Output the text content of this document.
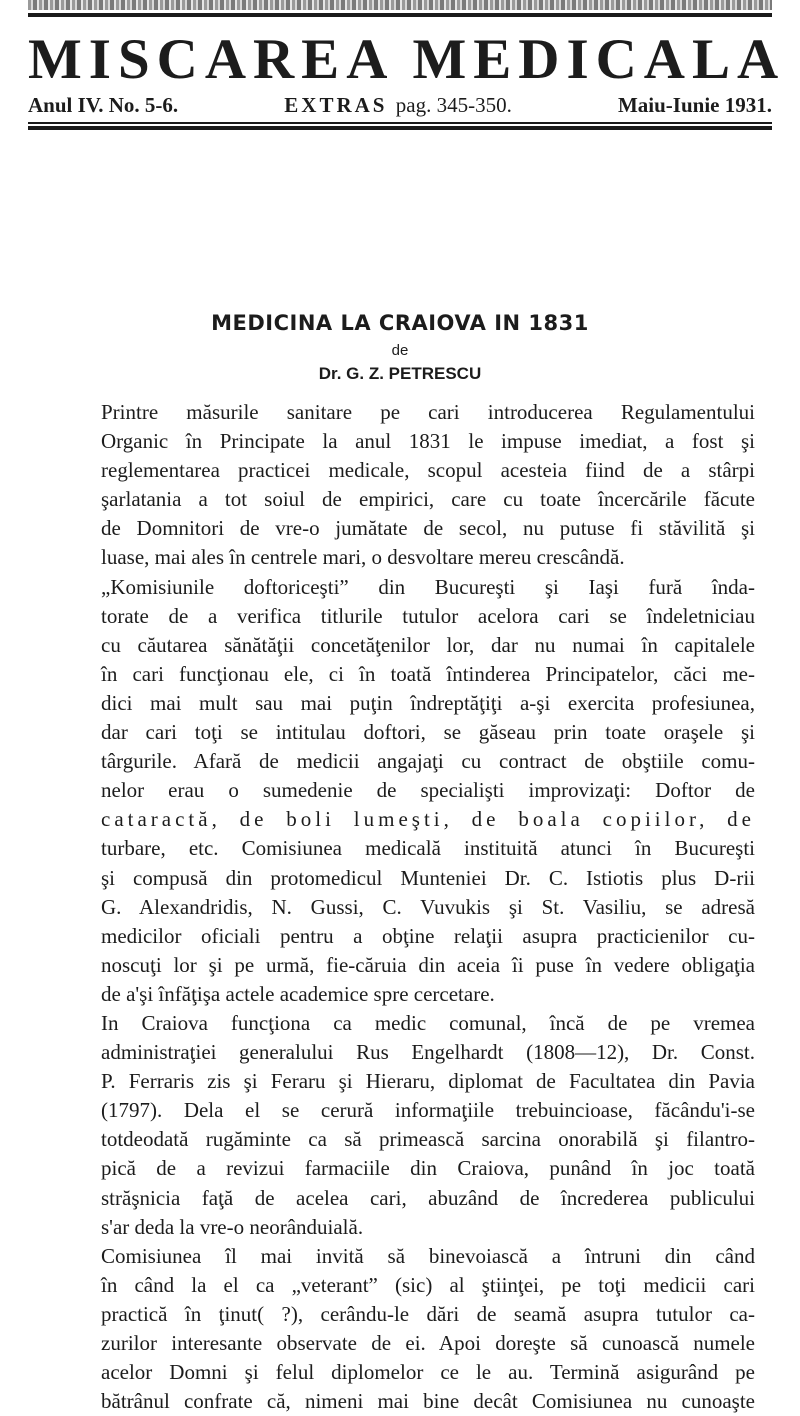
MISCAREA MEDICALA
Anul IV. No. 5-6.	EXTRAS pag. 345-350.	Maiu-Iunie 1931.
MEDICINA LA CRAIOVA IN 1831
de
Dr. G. Z. PETRESCU

Printre măsurile sanitare pe cari introducerea Regulamentului
Organic în Principate la anul 1831 le impuse imediat, a fost şi
reglementarea practicei medicale, scopul acesteia fiind de a stârpi
şarlatania a tot soiul de empirici, care cu toate încercările făcute
de Domnitori de vre-o jumătate de secol, nu putuse fi stăvilită şi
luase, mai ales în centrele mari, o desvoltare mereu crescândă.

„Komisiunile doftoriceşti” din Bucureşti şi Iaşi fură înda-
torate de a verifica titlurile tutulor acelora cari se îndeletniciau
cu căutarea sănătăţii concetăţenilor lor, dar nu numai în capitalele
în cari funcţionau ele, ci în toată întinderea Principatelor, căci me-
dici mai mult sau mai puţin îndreptăţiţi a-şi exercita profesiunea,
dar cari toţi se intitulau doftori, se găseau prin toate oraşele şi
târgurile. Afară de medicii angajaţi cu contract de obştiile comu-
nelor erau o sumedenie de specialişti improvizaţi: Doftor de
cataractă, de boli lumeşti, de boala copiilor, de
turbare, etc. Comisiunea medicală instituită atunci în Bucureşti
şi compusă din protomedicul Munteniei Dr. C. Istiotis plus D-rii
G. Alexandridis, N. Gussi, C. Vuvukis şi St. Vasiliu, se adresă
medicilor oficiali pentru a obţine relaţii asupra practicienilor cu-
noscuţi lor şi pe urmă, fie-căruia din aceia îi puse în vedere obligaţia
de a'şi înfăţişa actele academice spre cercetare.

In Craiova funcţiona ca medic comunal, încă de pe vremea
administraţiei generalului Rus Engelhardt (1808—12), Dr. Const.
P. Ferraris zis şi Feraru şi Hieraru, diplomat de Facultatea din Pavia
(1797). Dela el se cerură informaţiile trebuincioase, făcându'i-se
totdeodată rugăminte ca să primească sarcina onorabilă şi filantro-
pică de a revizui farmaciile din Craiova, punând în joc toată
străşnicia faţă de acelea cari, abuzând de încrederea publicului
s'ar deda la vre-o neorânduială.

Comisiunea îl mai invită să binevoiască a întruni din când
în când la el ca „veterant” (sic) al ştiinţei, pe toţi medicii cari
practică în ţinut( ?), cerându-le dări de seamă asupra tutulor ca-
zurilor interesante observate de ei. Apoi doreşte să cunoască numele
acelor Domni şi felul diplomelor ce le au. Termină asigurând pe
bătrânul confrate că, nimeni mai bine decât Comisiunea nu cunoaşte
